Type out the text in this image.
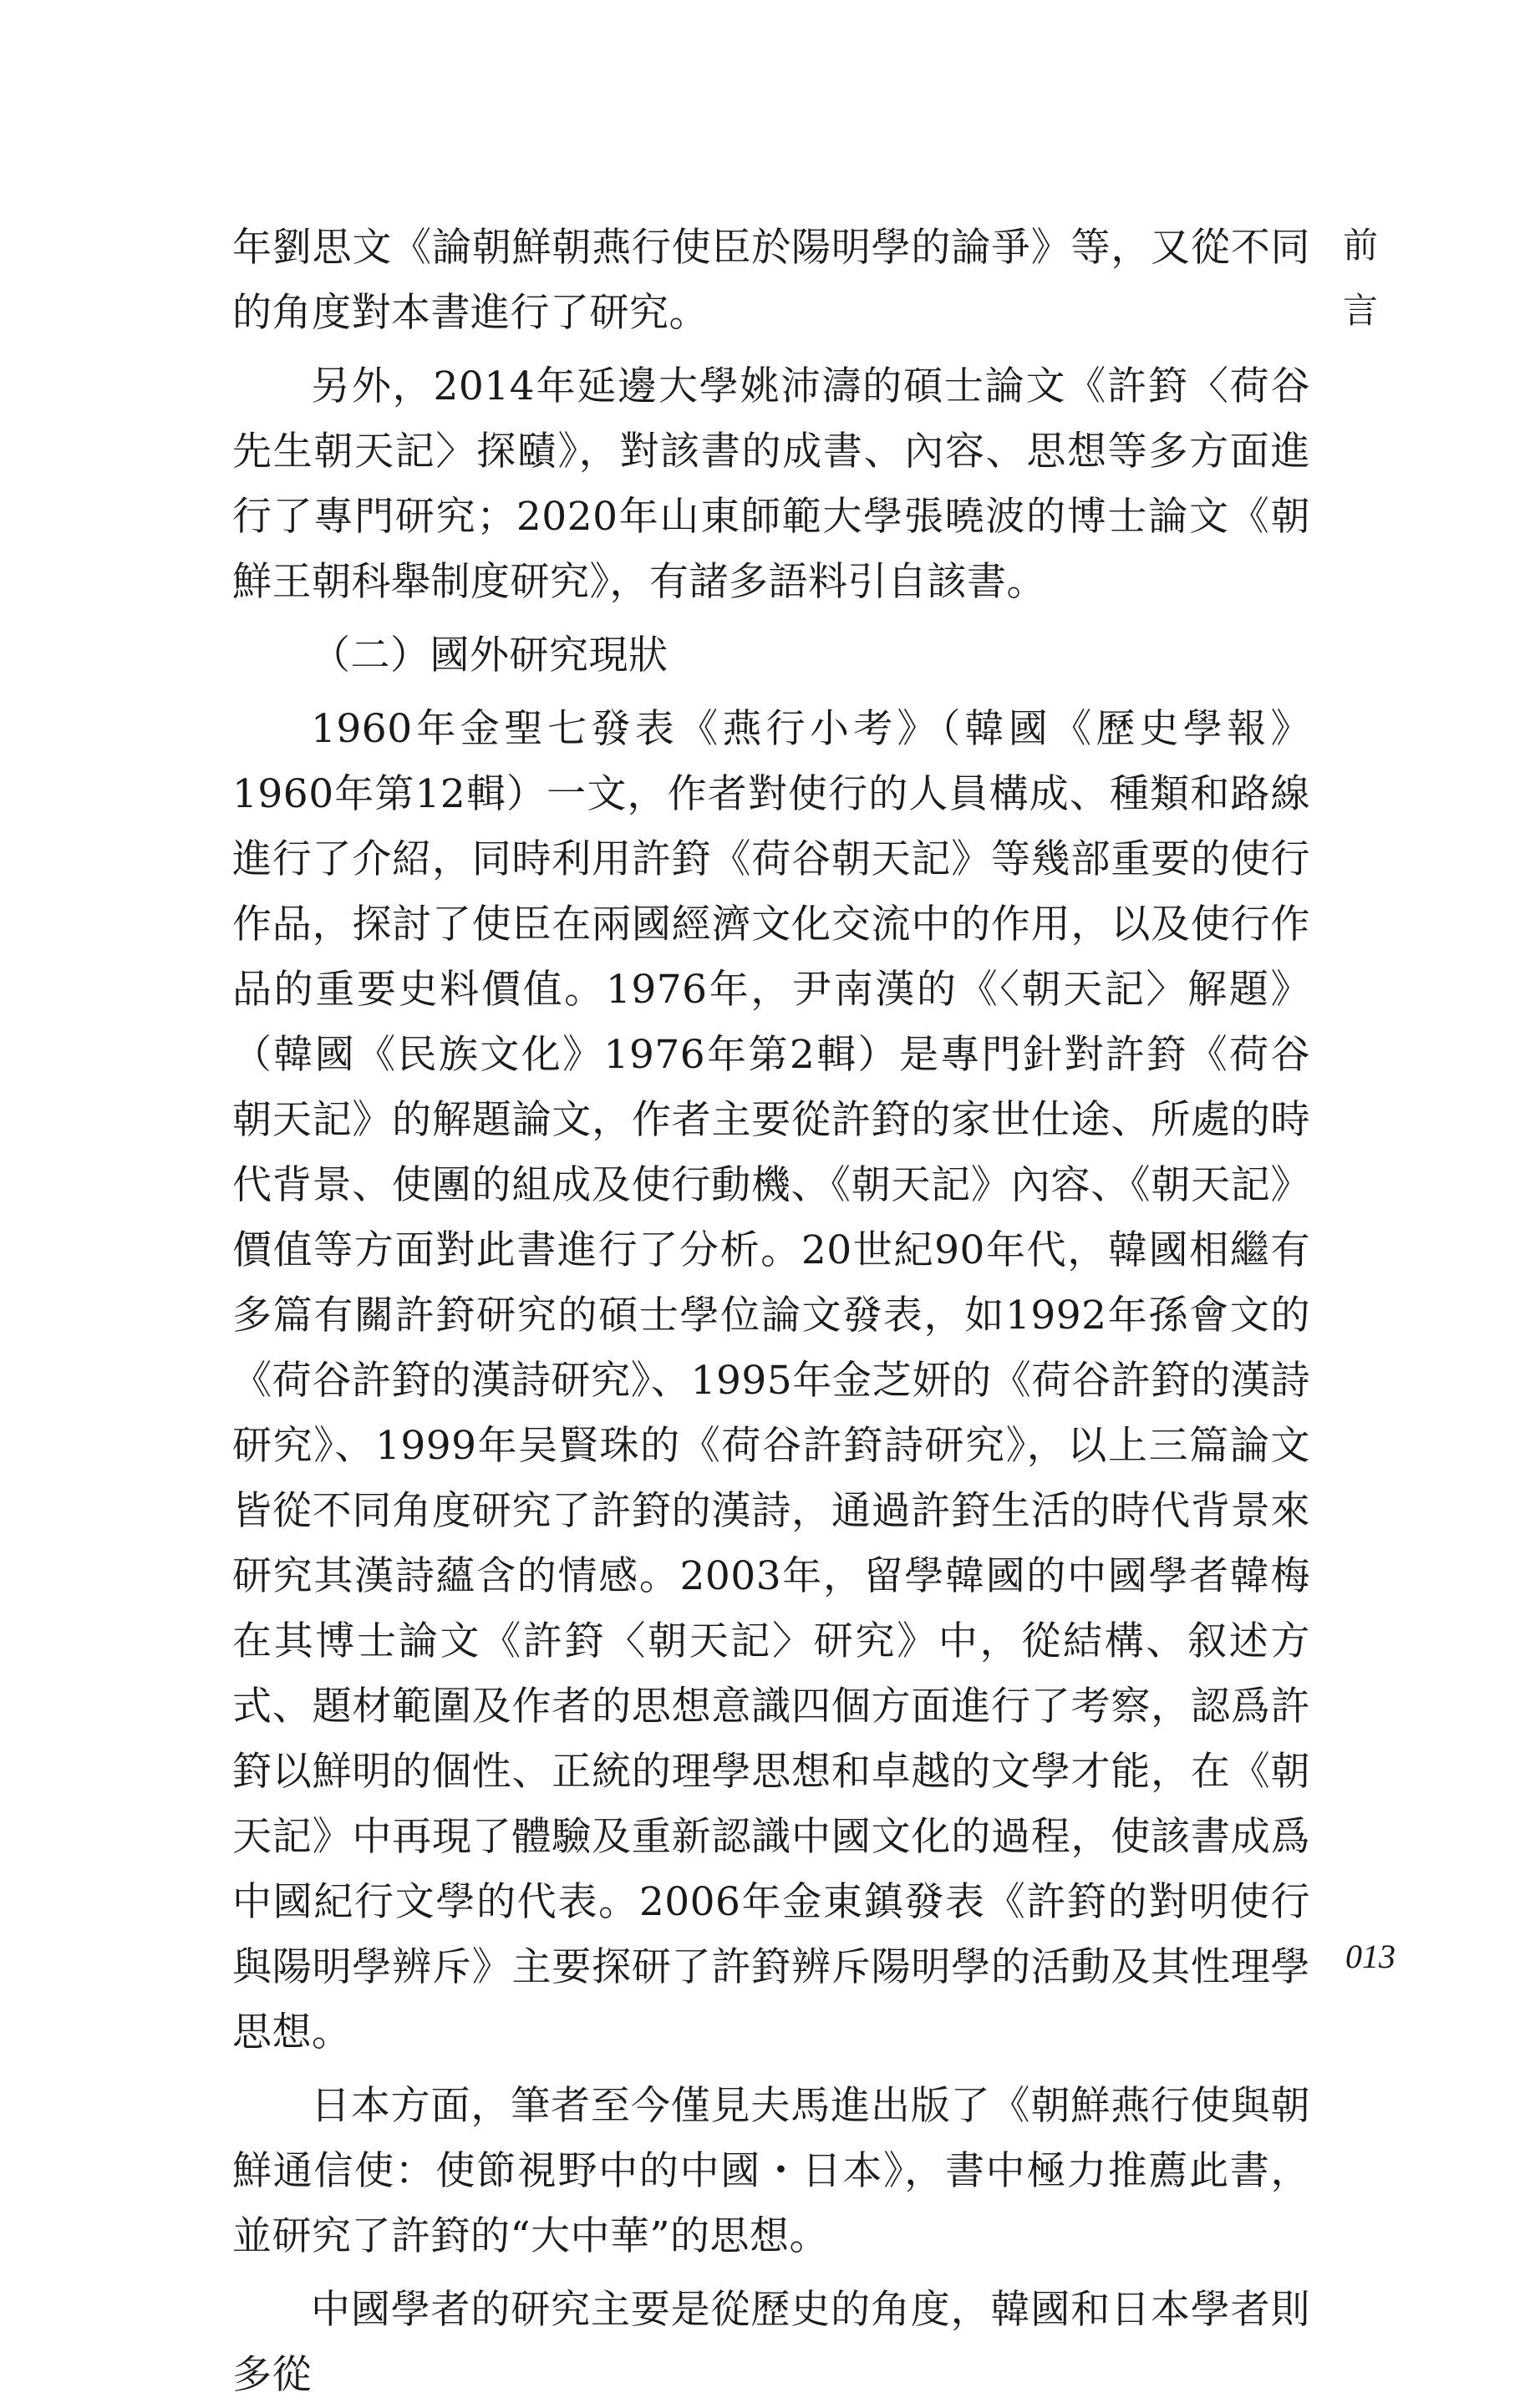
前
言

年劉思文《論朝鮮朝燕行使臣於陽明學的論爭》等，又從不同的角度對本書進行了研究。

另外，2014年延邊大學姚沛濤的碩士論文《許篈〈荷谷先生朝天記〉探賾》，對該書的成書、內容、思想等多方面進行了專門研究；2020年山東師範大學張曉波的博士論文《朝鮮王朝科舉制度研究》，有諸多語料引自該書。

（二）國外研究現狀

1960年金聖七發表《燕行小考》（韓國《歷史學報》1960年第12輯）一文，作者對使行的人員構成、種類和路線進行了介紹，同時利用許篈《荷谷朝天記》等幾部重要的使行作品，探討了使臣在兩國經濟文化交流中的作用，以及使行作品的重要史料價值。1976年，尹南漢的《〈朝天記〉解題》（韓國《民族文化》1976年第2輯）是專門針對許篈《荷谷朝天記》的解題論文，作者主要從許篈的家世仕途、所處的時代背景、使團的組成及使行動機、《朝天記》內容、《朝天記》價值等方面對此書進行了分析。20世紀90年代，韓國相繼有多篇有關許篈研究的碩士學位論文發表，如1992年孫會文的《荷谷許篈的漢詩研究》、1995年金芝妍的《荷谷許篈的漢詩研究》、1999年吴賢珠的《荷谷許篈詩研究》，以上三篇論文皆從不同角度研究了許篈的漢詩，通過許篈生活的時代背景來研究其漢詩蘊含的情感。2003年，留學韓國的中國學者韓梅在其博士論文《許篈〈朝天記〉研究》中，從結構、叙述方式、題材範圍及作者的思想意識四個方面進行了考察，認爲許篈以鮮明的個性、正統的理學思想和卓越的文學才能，在《朝天記》中再現了體驗及重新認識中國文化的過程，使該書成爲中國紀行文學的代表。2006年金東鎮發表《許篈的對明使行與陽明學辨斥》主要探研了許篈辨斥陽明學的活動及其性理學思想。

日本方面，筆者至今僅見夫馬進出版了《朝鮮燕行使與朝鮮通信使：使節視野中的中國・日本》，書中極力推薦此書，並研究了許篈的“大中華”的思想。

中國學者的研究主要是從歷史的角度，韓國和日本學者則多從

013
